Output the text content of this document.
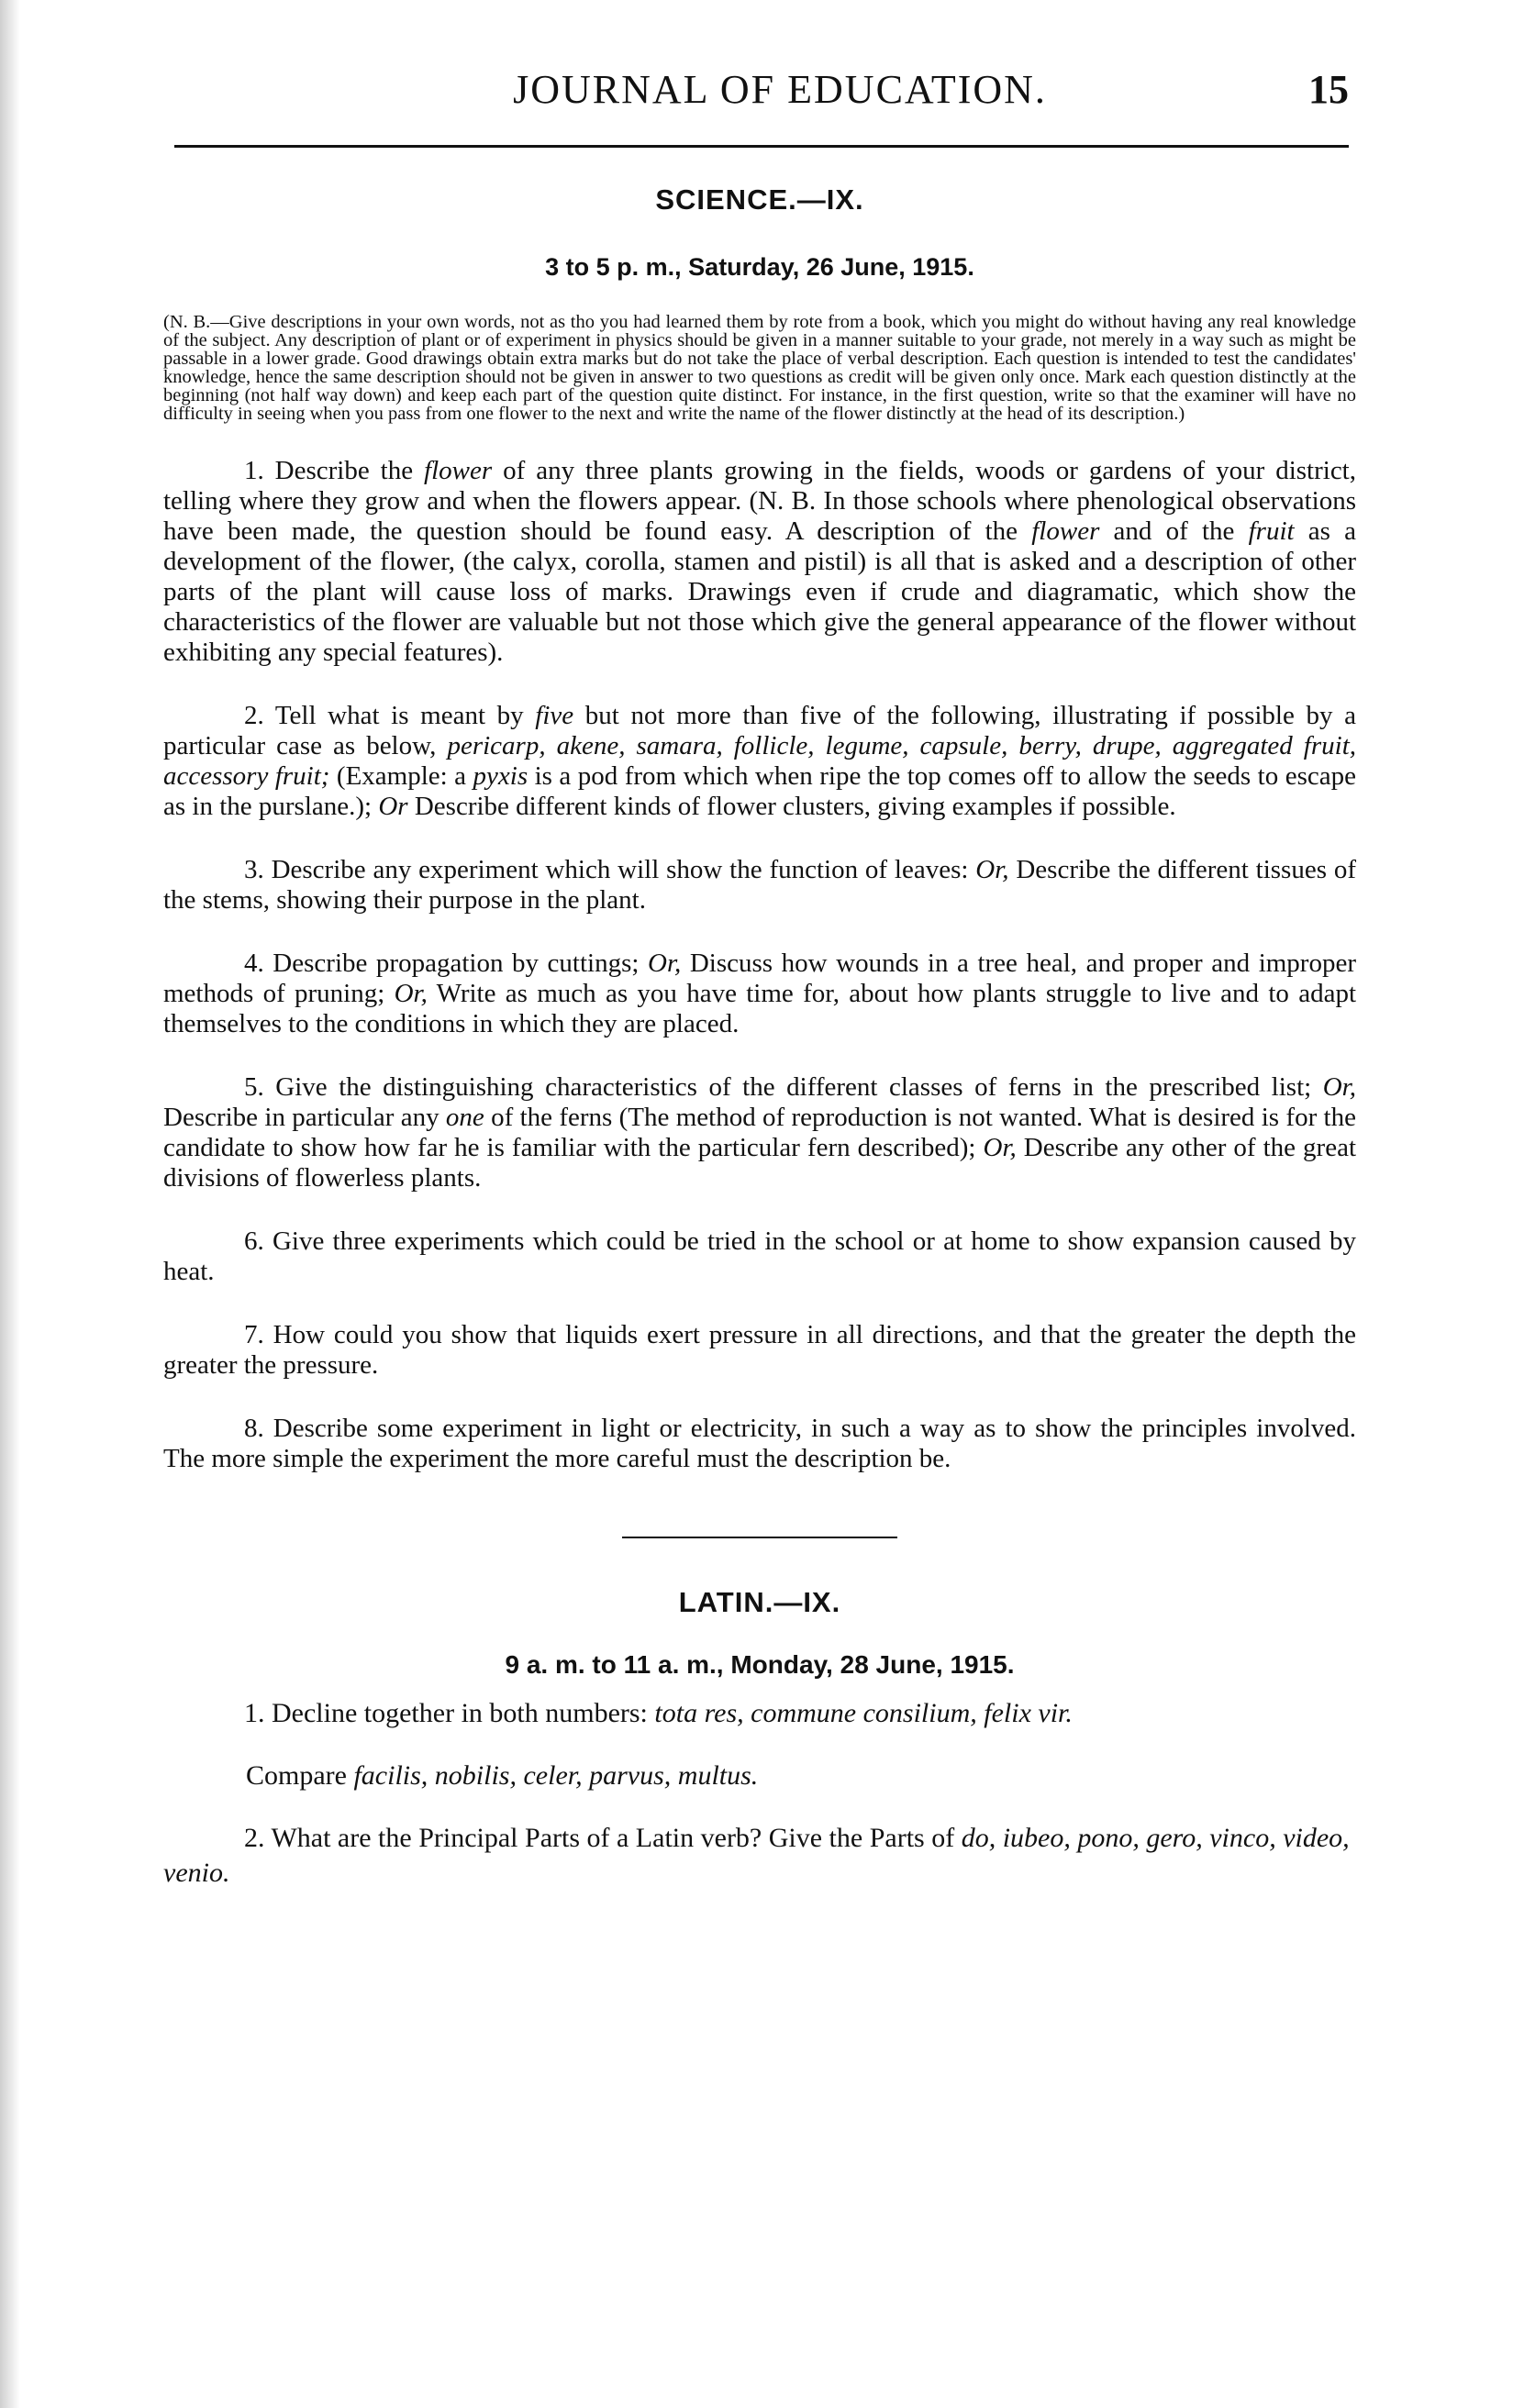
JOURNAL OF EDUCATION.	15
SCIENCE.—IX.
3 to 5 p. m., Saturday, 26 June, 1915.
(N. B.—Give descriptions in your own words, not as tho you had learned them by rote from a book, which you might do without having any real knowledge of the subject. Any description of plant or of experiment in physics should be given in a manner suitable to your grade, not merely in a way such as might be passable in a lower grade. Good drawings obtain extra marks but do not take the place of verbal description. Each question is intended to test the candidates' knowledge, hence the same description should not be given in answer to two questions as credit will be given only once. Mark each question distinctly at the beginning (not half way down) and keep each part of the question quite distinct. For instance, in the first question, write so that the examiner will have no difficulty in seeing when you pass from one flower to the next and write the name of the flower distinctly at the head of its description.)

1. Describe the flower of any three plants growing in the fields, woods or gardens of your district, telling where they grow and when the flowers appear. (N. B. In those schools where phenological observations have been made, the question should be found easy. A description of the flower and of the fruit as a development of the flower, (the calyx, corolla, stamen and pistil) is all that is asked and a description of other parts of the plant will cause loss of marks. Drawings even if crude and diagramatic, which show the characteristics of the flower are valuable but not those which give the general appearance of the flower without exhibiting any special features).

2. Tell what is meant by five but not more than five of the following, illustrating if possible by a particular case as below, pericarp, akene, samara, follicle, legume, capsule, berry, drupe, aggregated fruit, accessory fruit; (Example: a pyxis is a pod from which when ripe the top comes off to allow the seeds to escape as in the purslane.); Or Describe different kinds of flower clusters, giving examples if possible.

3. Describe any experiment which will show the function of leaves: Or, Describe the different tissues of the stems, showing their purpose in the plant.

4. Describe propagation by cuttings; Or, Discuss how wounds in a tree heal, and proper and improper methods of pruning; Or, Write as much as you have time for, about how plants struggle to live and to adapt themselves to the conditions in which they are placed.

5. Give the distinguishing characteristics of the different classes of ferns in the prescribed list; Or, Describe in particular any one of the ferns (The method of reproduction is not wanted. What is desired is for the candidate to show how far he is familiar with the particular fern described); Or, Describe any other of the great divisions of flowerless plants.

6. Give three experiments which could be tried in the school or at home to show expansion caused by heat.

7. How could you show that liquids exert pressure in all directions, and that the greater the depth the greater the pressure.

8. Describe some experiment in light or electricity, in such a way as to show the principles involved. The more simple the experiment the more careful must the description be.

LATIN.—IX.
9 a. m. to 11 a. m., Monday, 28 June, 1915.

1. Decline together in both numbers: tota res, commune consilium, felix vir.

Compare facilis, nobilis, celer, parvus, multus.

2. What are the Principal Parts of a Latin verb? Give the Parts of do, iubeo, pono, gero, vinco, video, venio.
